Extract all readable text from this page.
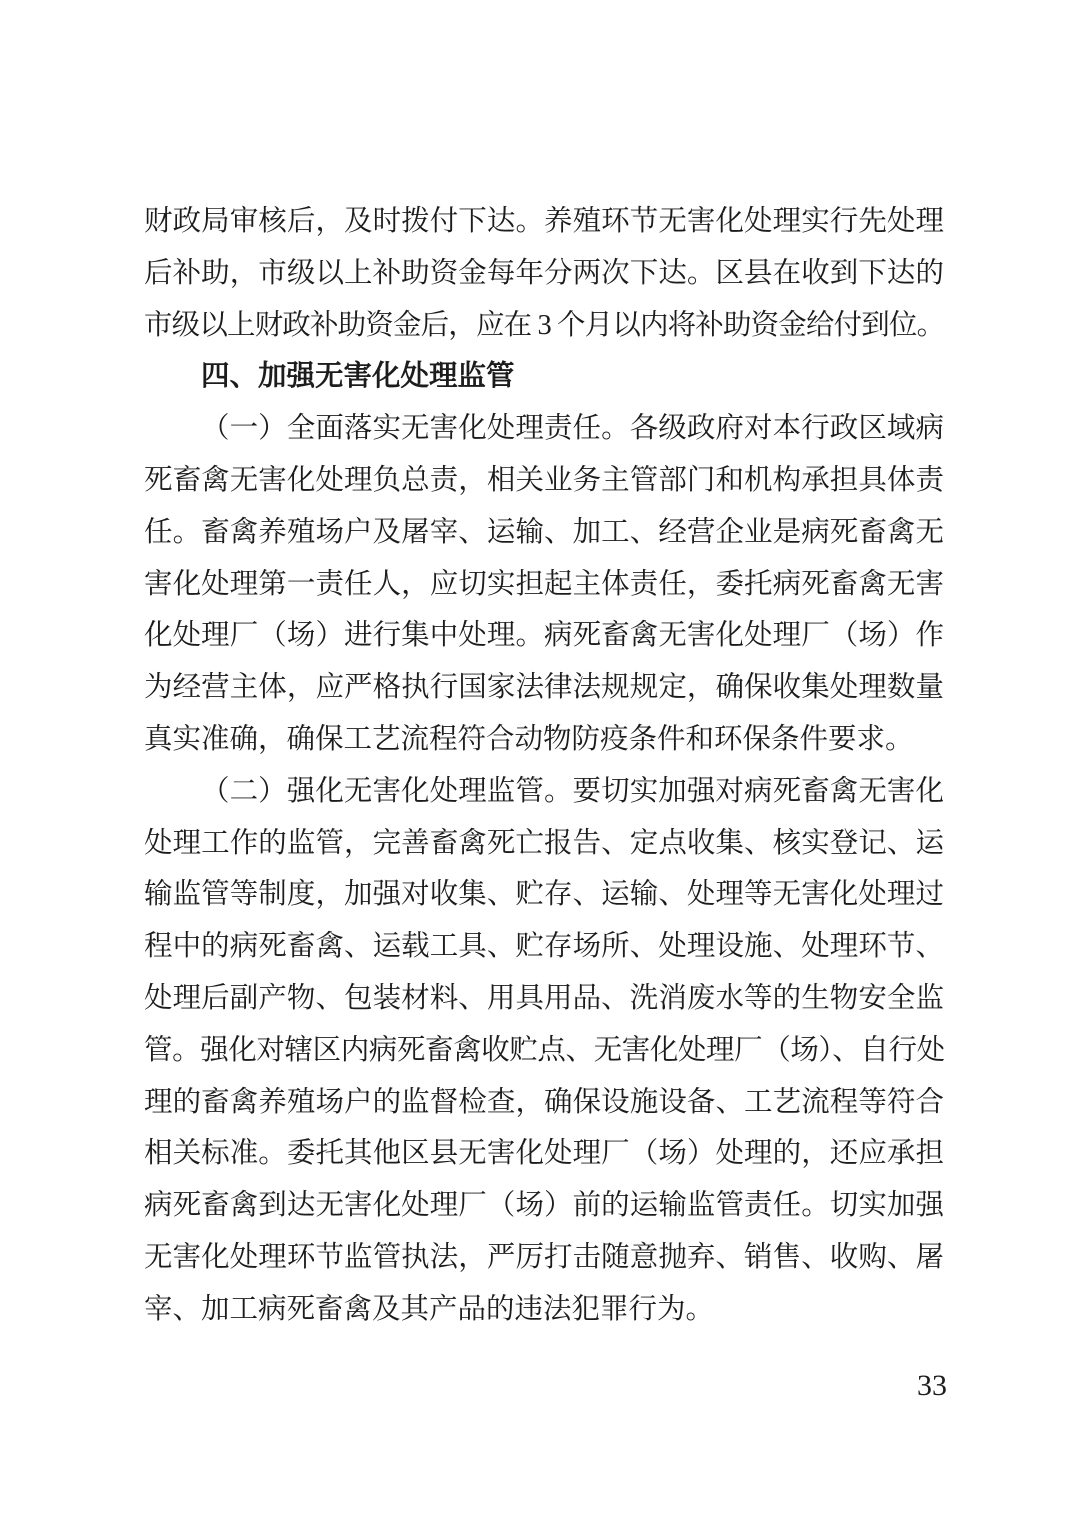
财政局审核后，及时拨付下达。养殖环节无害化处理实行先处理
后补助，市级以上补助资金每年分两次下达。区县在收到下达的
市级以上财政补助资金后，应在 3 个月以内将补助资金给付到位。
四、加强无害化处理监管
（一）全面落实无害化处理责任。各级政府对本行政区域病
死畜禽无害化处理负总责，相关业务主管部门和机构承担具体责
任。畜禽养殖场户及屠宰、运输、加工、经营企业是病死畜禽无
害化处理第一责任人，应切实担起主体责任，委托病死畜禽无害
化处理厂（场）进行集中处理。病死畜禽无害化处理厂（场）作
为经营主体，应严格执行国家法律法规规定，确保收集处理数量
真实准确，确保工艺流程符合动物防疫条件和环保条件要求。
（二）强化无害化处理监管。要切实加强对病死畜禽无害化
处理工作的监管，完善畜禽死亡报告、定点收集、核实登记、运
输监管等制度，加强对收集、贮存、运输、处理等无害化处理过
程中的病死畜禽、运载工具、贮存场所、处理设施、处理环节、
处理后副产物、包装材料、用具用品、洗消废水等的生物安全监
管。强化对辖区内病死畜禽收贮点、无害化处理厂（场）、自行处
理的畜禽养殖场户的监督检查，确保设施设备、工艺流程等符合
相关标准。委托其他区县无害化处理厂（场）处理的，还应承担
病死畜禽到达无害化处理厂（场）前的运输监管责任。切实加强
无害化处理环节监管执法，严厉打击随意抛弃、销售、收购、屠
宰、加工病死畜禽及其产品的违法犯罪行为。
33
